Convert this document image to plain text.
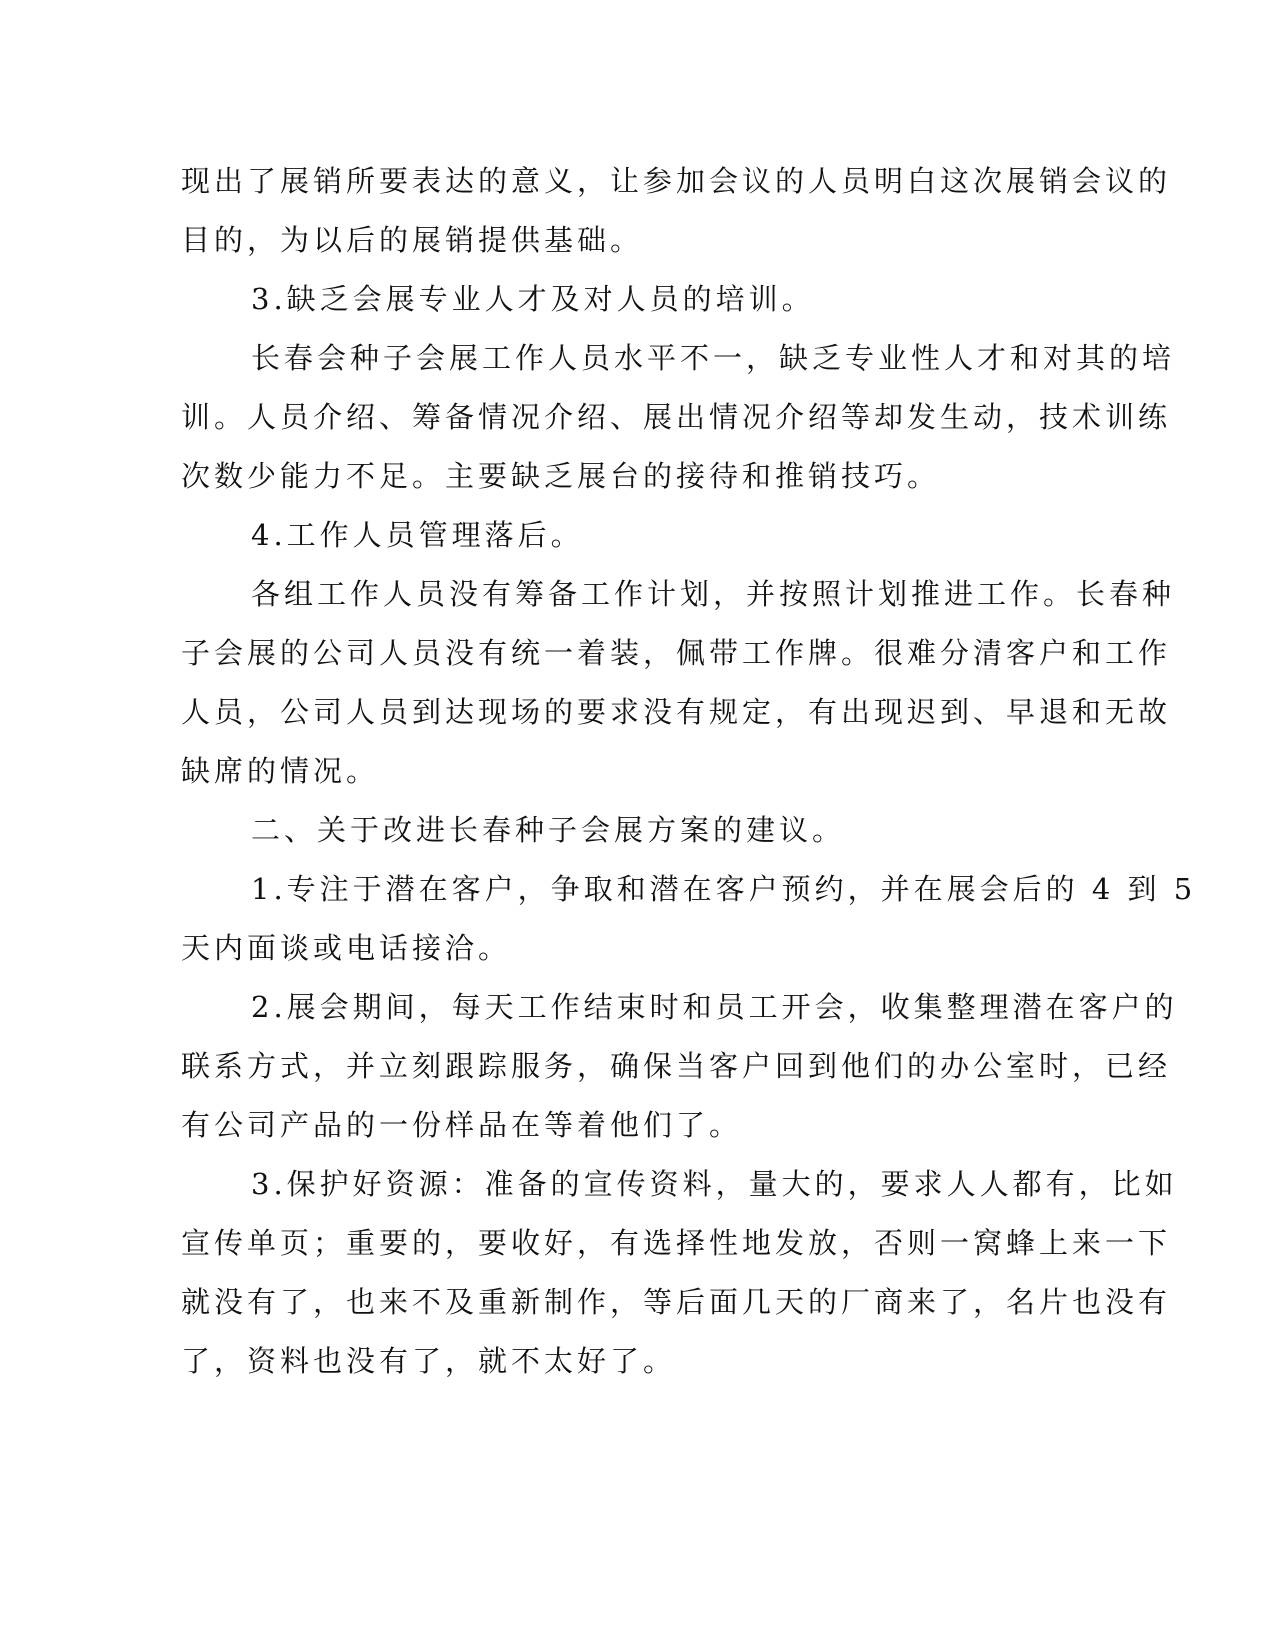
现出了展销所要表达的意义，让参加会议的人员明白这次展销会议的

目的，为以后的展销提供基础。

3.缺乏会展专业人才及对人员的培训。

长春会种子会展工作人员水平不一，缺乏专业性人才和对其的培

训。人员介绍、筹备情况介绍、展出情况介绍等却发生动，技术训练

次数少能力不足。主要缺乏展台的接待和推销技巧。

4.工作人员管理落后。

各组工作人员没有筹备工作计划，并按照计划推进工作。长春种

子会展的公司人员没有统一着装，佩带工作牌。很难分清客户和工作

人员，公司人员到达现场的要求没有规定，有出现迟到、早退和无故

缺席的情况。

二、关于改进长春种子会展方案的建议。

1.专注于潜在客户，争取和潜在客户预约，并在展会后的 4 到 5

天内面谈或电话接洽。

2.展会期间，每天工作结束时和员工开会，收集整理潜在客户的

联系方式，并立刻跟踪服务，确保当客户回到他们的办公室时，已经

有公司产品的一份样品在等着他们了。

3.保护好资源：准备的宣传资料，量大的，要求人人都有，比如

宣传单页；重要的，要收好，有选择性地发放，否则一窝蜂上来一下

就没有了，也来不及重新制作，等后面几天的厂商来了，名片也没有

了，资料也没有了，就不太好了。
